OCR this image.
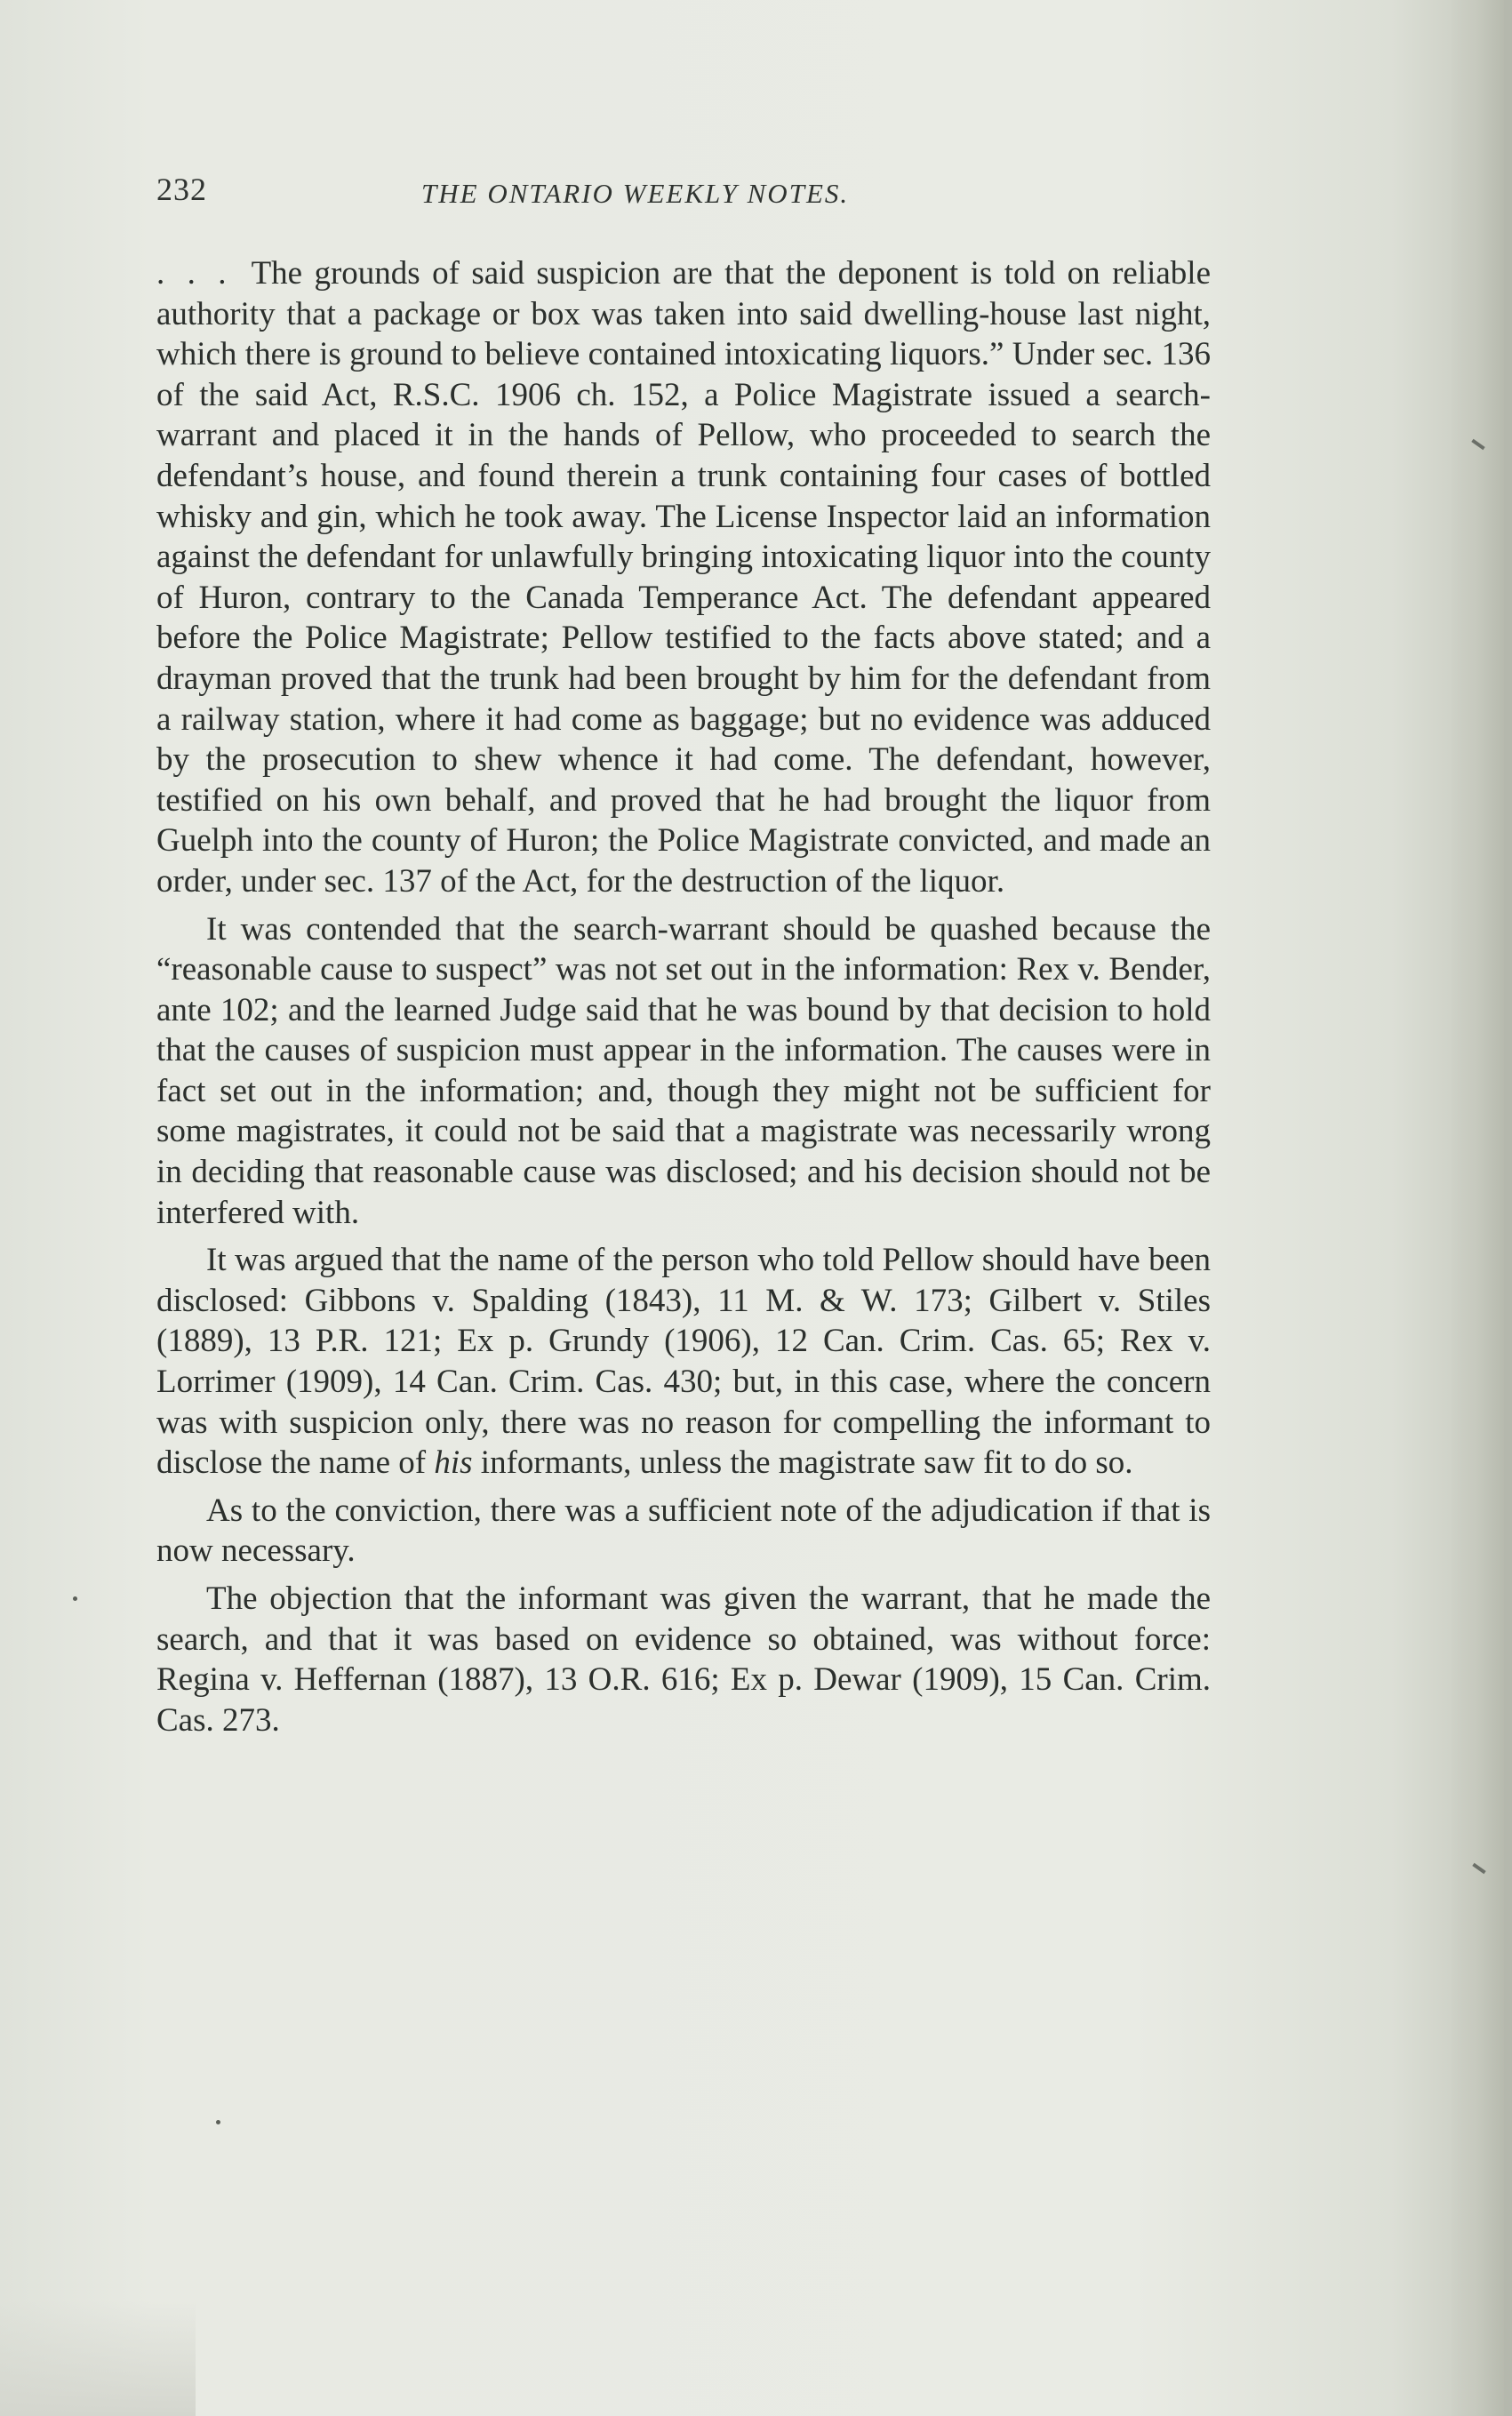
232	THE ONTARIO WEEKLY NOTES.

. . . The grounds of said suspicion are that the deponent is told on reliable authority that a package or box was taken into said dwelling-house last night, which there is ground to believe contained intoxicating liquors.” Under sec. 136 of the said Act, R.S.C. 1906 ch. 152, a Police Magistrate issued a search-warrant and placed it in the hands of Pellow, who proceeded to search the defendant’s house, and found therein a trunk containing four cases of bottled whisky and gin, which he took away. The License Inspector laid an information against the defendant for unlawfully bringing intoxicating liquor into the county of Huron, contrary to the Canada Temperance Act. The defendant appeared before the Police Magistrate; Pellow testified to the facts above stated; and a drayman proved that the trunk had been brought by him for the defendant from a railway station, where it had come as baggage; but no evidence was adduced by the prosecution to shew whence it had come. The defendant, however, testified on his own behalf, and proved that he had brought the liquor from Guelph into the county of Huron; the Police Magistrate convicted, and made an order, under sec. 137 of the Act, for the destruction of the liquor.

It was contended that the search-warrant should be quashed because the “reasonable cause to suspect” was not set out in the information: Rex v. Bender, ante 102; and the learned Judge said that he was bound by that decision to hold that the causes of suspicion must appear in the information. The causes were in fact set out in the information; and, though they might not be sufficient for some magistrates, it could not be said that a magistrate was necessarily wrong in deciding that reasonable cause was disclosed; and his decision should not be interfered with.

It was argued that the name of the person who told Pellow should have been disclosed: Gibbons v. Spalding (1843), 11 M. & W. 173; Gilbert v. Stiles (1889), 13 P.R. 121; Ex p. Grundy (1906), 12 Can. Crim. Cas. 65; Rex v. Lorrimer (1909), 14 Can. Crim. Cas. 430; but, in this case, where the concern was with suspicion only, there was no reason for compelling the informant to disclose the name of his informants, unless the magistrate saw fit to do so.

As to the conviction, there was a sufficient note of the adjudication if that is now necessary.

The objection that the informant was given the warrant, that he made the search, and that it was based on evidence so obtained, was without force: Regina v. Heffernan (1887), 13 O.R. 616; Ex p. Dewar (1909), 15 Can. Crim. Cas. 273.
